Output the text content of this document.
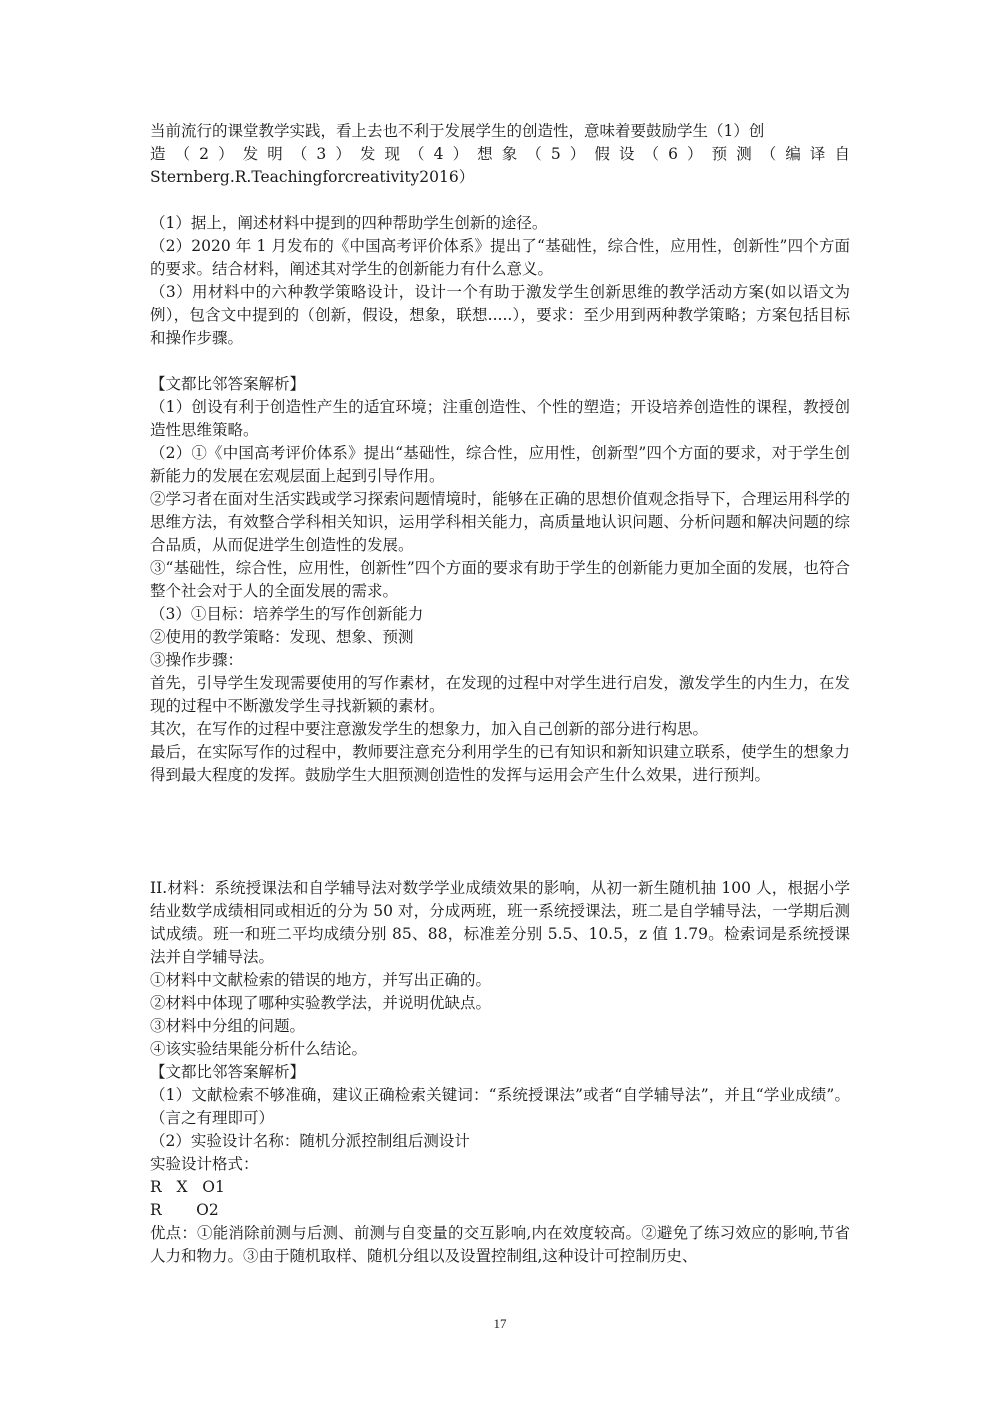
当前流行的课堂教学实践，看上去也不利于发展学生的创造性，意味着要鼓励学生（1）创

造（2）发明（3）发现（4）想象（5）假设（6）预测（编译自

Sternberg.R.Teachingforcreativity2016）

（1）据上，阐述材料中提到的四种帮助学生创新的途径。

（2）2020 年 1 月发布的《中国高考评价体系》提出了“基础性，综合性，应用性，创新性”四个方面的要求。结合材料，阐述其对学生的创新能力有什么意义。

（3）用材料中的六种教学策略设计，设计一个有助于激发学生创新思维的教学活动方案(如以语文为例），包含文中提到的（创新，假设，想象，联想.....），要求：至少用到两种教学策略；方案包括目标和操作步骤。

【文都比邻答案解析】

（1）创设有利于创造性产生的适宜环境；注重创造性、个性的塑造；开设培养创造性的课程，教授创造性思维策略。

（2）①《中国高考评价体系》提出“基础性，综合性，应用性，创新型”四个方面的要求，对于学生创新能力的发展在宏观层面上起到引导作用。

②学习者在面对生活实践或学习探索问题情境时，能够在正确的思想价值观念指导下，合理运用科学的思维方法，有效整合学科相关知识，运用学科相关能力，高质量地认识问题、分析问题和解决问题的综合品质，从而促进学生创造性的发展。

③“基础性，综合性，应用性，创新性”四个方面的要求有助于学生的创新能力更加全面的发展，也符合整个社会对于人的全面发展的需求。

（3）①目标：培养学生的写作创新能力

②使用的教学策略：发现、想象、预测

③操作步骤：

首先，引导学生发现需要使用的写作素材，在发现的过程中对学生进行启发，激发学生的内生力，在发现的过程中不断激发学生寻找新颖的素材。

其次，在写作的过程中要注意激发学生的想象力，加入自己创新的部分进行构思。

最后，在实际写作的过程中，教师要注意充分利用学生的已有知识和新知识建立联系，使学生的想象力得到最大程度的发挥。鼓励学生大胆预测创造性的发挥与运用会产生什么效果，进行预判。

II.材料：系统授课法和自学辅导法对数学学业成绩效果的影响，从初一新生随机抽 100 人，根据小学结业数学成绩相同或相近的分为 50 对，分成两班，班一系统授课法，班二是自学辅导法，一学期后测试成绩。班一和班二平均成绩分别 85、88，标准差分别 5.5、10.5，z 值 1.79。检索词是系统授课法并自学辅导法。

①材料中文献检索的错误的地方，并写出正确的。

②材料中体现了哪种实验教学法，并说明优缺点。

③材料中分组的问题。

④该实验结果能分析什么结论。

【文都比邻答案解析】

（1）文献检索不够准确，建议正确检索关键词：“系统授课法”或者“自学辅导法”，并且“学业成绩”。（言之有理即可）

（2）实验设计名称：随机分派控制组后测设计

实验设计格式：

R   X   O1

R       O2

优点：①能消除前测与后测、前测与自变量的交互影响,内在效度较高。②避免了练习效应的影响,节省人力和物力。③由于随机取样、随机分组以及设置控制组,这种设计可控制历史、

17
